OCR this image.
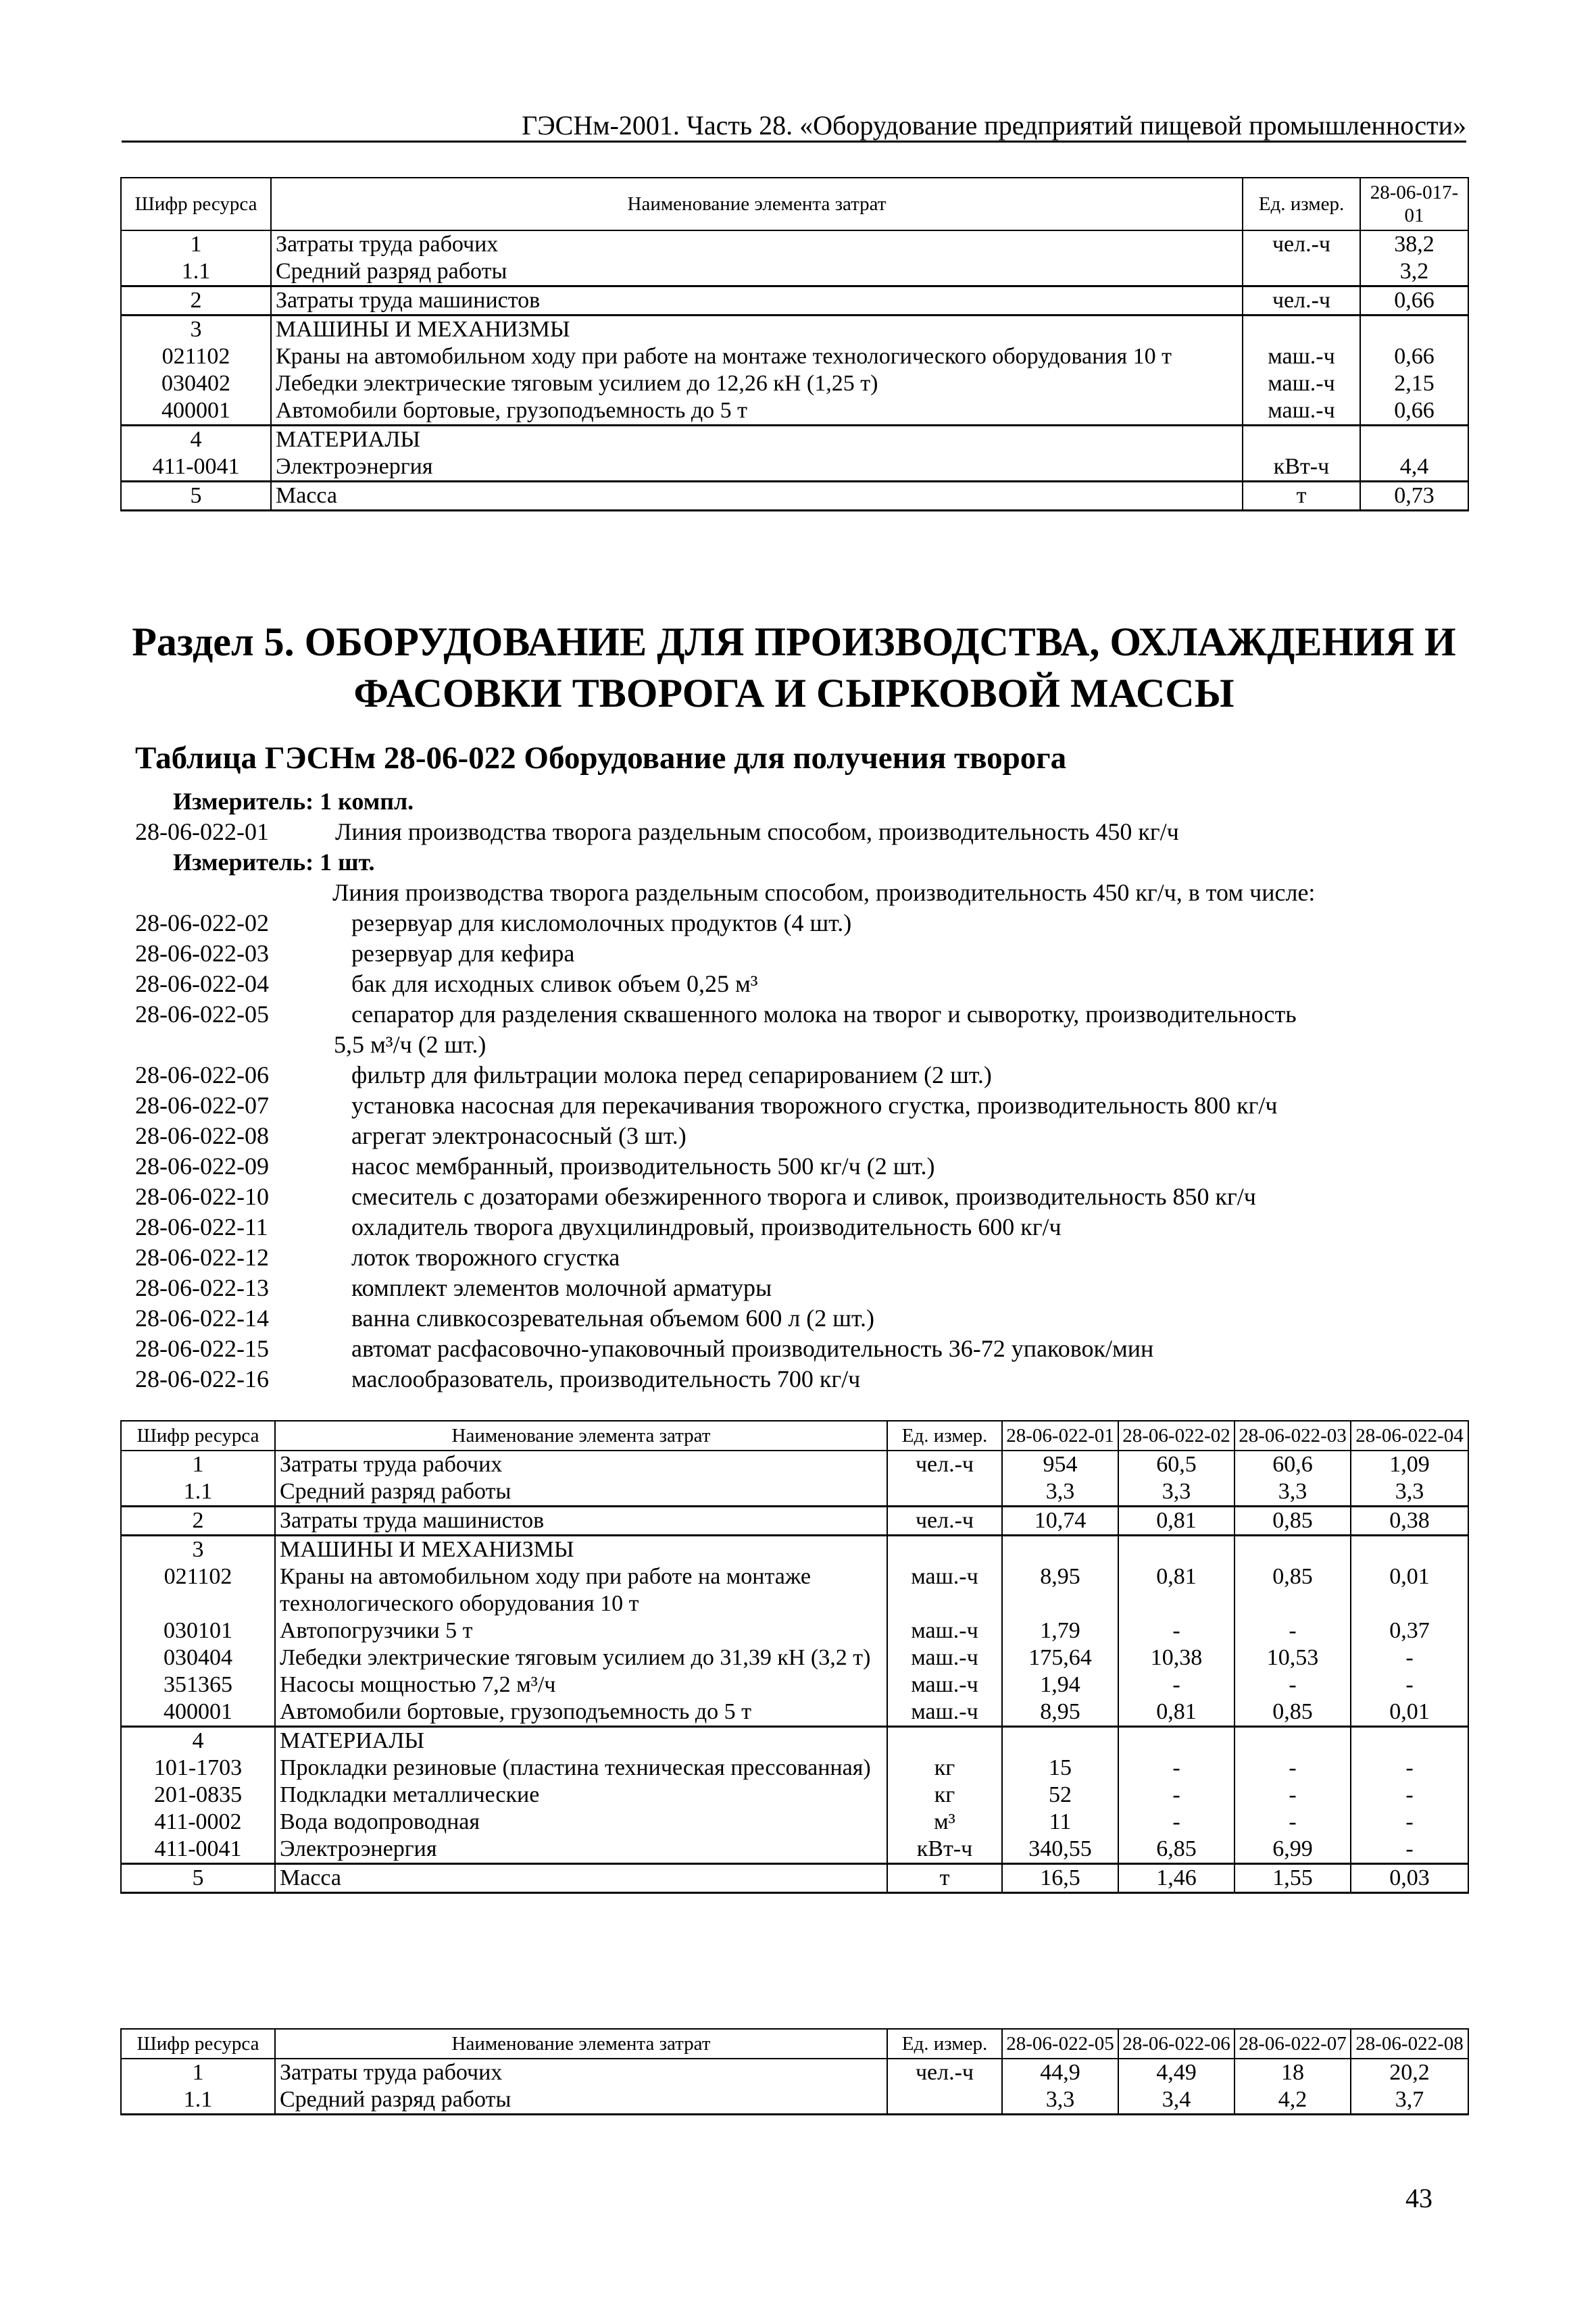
ГЭСНм-2001. Часть 28. «Оборудование предприятий пищевой промышленности»
Шифр ресурса	Наименование элемента затрат	Ед. измер.	28-06-017-01
1	Затраты труда рабочих	чел.-ч	38,2
1.1	Средний разряд работы		3,2
2	Затраты труда машинистов	чел.-ч	0,66
3	МАШИНЫ И МЕХАНИЗМЫ		
021102	Краны на автомобильном ходу при работе на монтаже технологического оборудования 10 т	маш.-ч	0,66
030402	Лебедки электрические тяговым усилием до 12,26 кН (1,25 т)	маш.-ч	2,15
400001	Автомобили бортовые, грузоподъемность до 5 т	маш.-ч	0,66
4	МАТЕРИАЛЫ		
411-0041	Электроэнергия	кВт-ч	4,4
5	Масса	т	0,73
Раздел 5. ОБОРУДОВАНИЕ ДЛЯ ПРОИЗВОДСТВА, ОХЛАЖДЕНИЯ И
ФАСОВКИ ТВОРОГА И СЫРКОВОЙ МАССЫ
Таблица ГЭСНм 28-06-022 Оборудование для получения творога
Измеритель: 1 компл.
28-06-022-01	Линия производства творога раздельным способом, производительность 450 кг/ч
Измеритель: 1 шт.
Линия производства творога раздельным способом, производительность 450 кг/ч, в том числе:
28-06-022-02	резервуар для кисломолочных продуктов (4 шт.)
28-06-022-03	резервуар для кефира
28-06-022-04	бак для исходных сливок объем 0,25 м³
28-06-022-05	сепаратор для разделения сквашенного молока на творог и сыворотку, производительность
5,5 м³/ч (2 шт.)
28-06-022-06	фильтр для фильтрации молока перед сепарированием (2 шт.)
28-06-022-07	установка насосная для перекачивания творожного сгустка, производительность 800 кг/ч
28-06-022-08	агрегат электронасосный (3 шт.)
28-06-022-09	насос мембранный, производительность 500 кг/ч (2 шт.)
28-06-022-10	смеситель с дозаторами обезжиренного творога и сливок, производительность 850 кг/ч
28-06-022-11	охладитель творога двухцилиндровый, производительность 600 кг/ч
28-06-022-12	лоток творожного сгустка
28-06-022-13	комплект элементов молочной арматуры
28-06-022-14	ванна сливкосозревательная объемом 600 л (2 шт.)
28-06-022-15	автомат расфасовочно-упаковочный производительность 36-72 упаковок/мин
28-06-022-16	маслообразователь, производительность 700 кг/ч
Шифр ресурса	Наименование элемента затрат	Ед. измер.	28-06-022-01	28-06-022-02	28-06-022-03	28-06-022-04
1	Затраты труда рабочих	чел.-ч	954	60,5	60,6	1,09
1.1	Средний разряд работы		3,3	3,3	3,3	3,3
2	Затраты труда машинистов	чел.-ч	10,74	0,81	0,85	0,38
3	МАШИНЫ И МЕХАНИЗМЫ					
021102	Краны на автомобильном ходу при работе на монтаже технологического оборудования 10 т	маш.-ч	8,95	0,81	0,85	0,01
030101	Автопогрузчики 5 т	маш.-ч	1,79	-	-	0,37
030404	Лебедки электрические тяговым усилием до 31,39 кН (3,2 т)	маш.-ч	175,64	10,38	10,53	-
351365	Насосы мощностью 7,2 м³/ч	маш.-ч	1,94	-	-	-
400001	Автомобили бортовые, грузоподъемность до 5 т	маш.-ч	8,95	0,81	0,85	0,01
4	МАТЕРИАЛЫ					
101-1703	Прокладки резиновые (пластина техническая прессованная)	кг	15	-	-	-
201-0835	Подкладки металлические	кг	52	-	-	-
411-0002	Вода водопроводная	м³	11	-	-	-
411-0041	Электроэнергия	кВт-ч	340,55	6,85	6,99	-
5	Масса	т	16,5	1,46	1,55	0,03
Шифр ресурса	Наименование элемента затрат	Ед. измер.	28-06-022-05	28-06-022-06	28-06-022-07	28-06-022-08
1	Затраты труда рабочих	чел.-ч	44,9	4,49	18	20,2
1.1	Средний разряд работы		3,3	3,4	4,2	3,7
43
